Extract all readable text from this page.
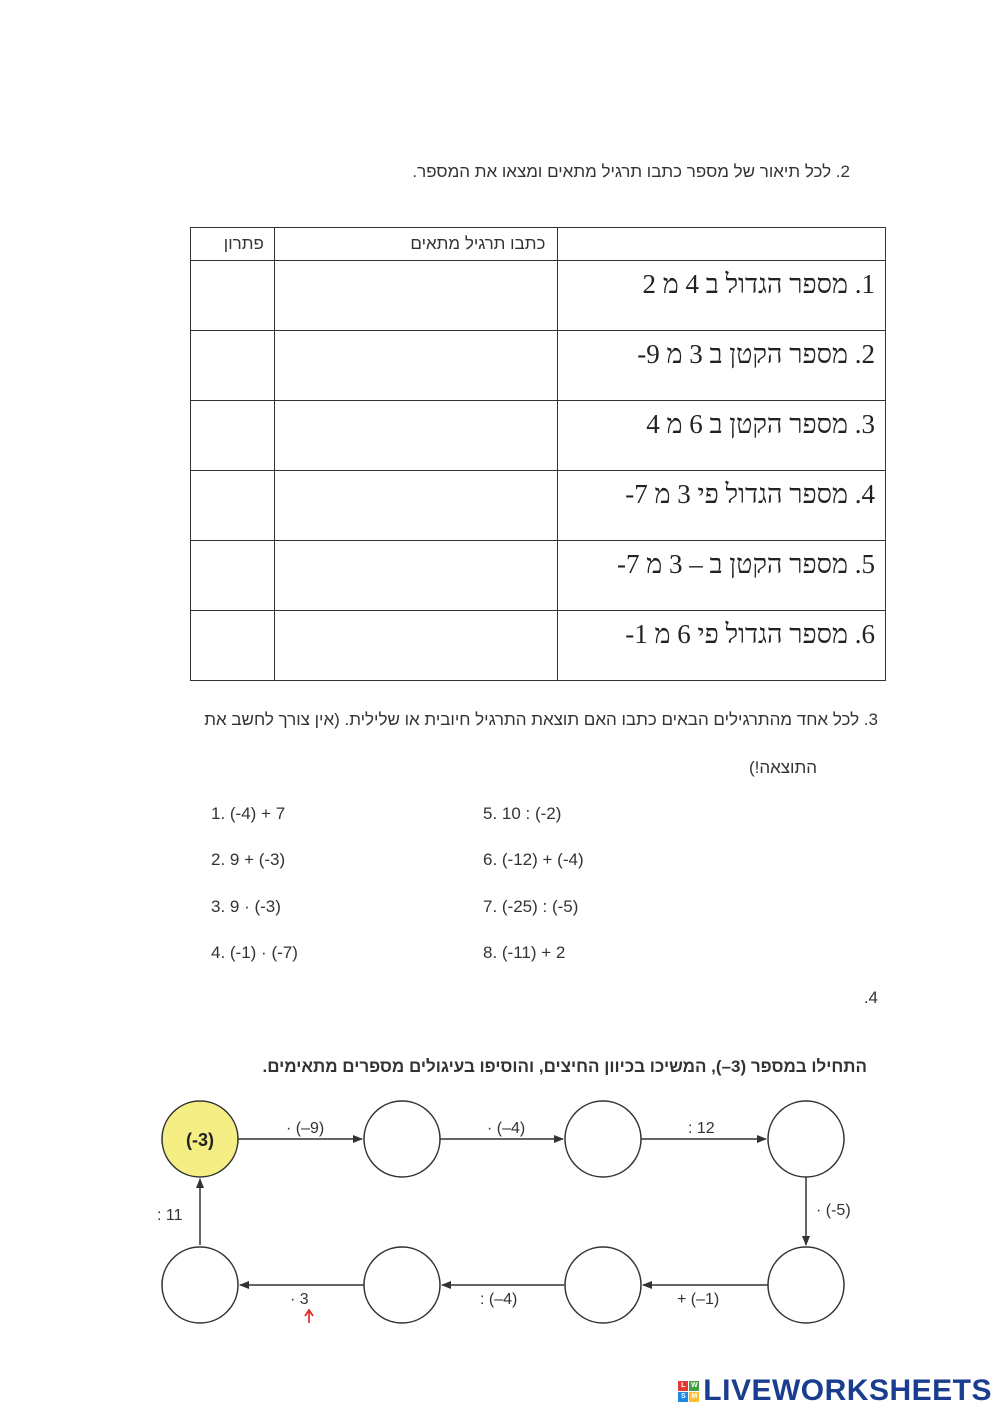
2. לכל תיאור של מספר כתבו תרגיל מתאים ומצאו את המספר.

	כתבו תרגיל מתאים	פתרון

1. מספר הגדול ב 4 מ 2		

2. מספר הקטן ב 3 מ 9-		

3. מספר הקטן ב 6 מ 4		

4. מספר הגדול פי 3 מ 7-		

5. מספר הקטן ב – 3 מ 7-		

6. מספר הגדול פי 6 מ 1-		

3. לכל אחד מהתרגילים הבאים כתבו האם תוצאת התרגיל חיובית או שלילית. (אין צורך לחשב את
התוצאה!)
1. (-4) + 7
2. 9 + (-3)
3. 9 · (-3)
4. (-1) · (-7)
5. 10 : (-2)
6. (-12) + (-4)
7. (-25) : (-5)
8. (-11) + 2
.4
התחילו במספר (3–), המשיכו בכיוון החיצים, והוסיפו בעיגולים מספרים מתאימים.
(-3)
· (–9)	· (–4)	: 12
· (-5)
+ (–1)
: (–4)
· 3
: 11
L W
S M LIVEWORKSHEETS
